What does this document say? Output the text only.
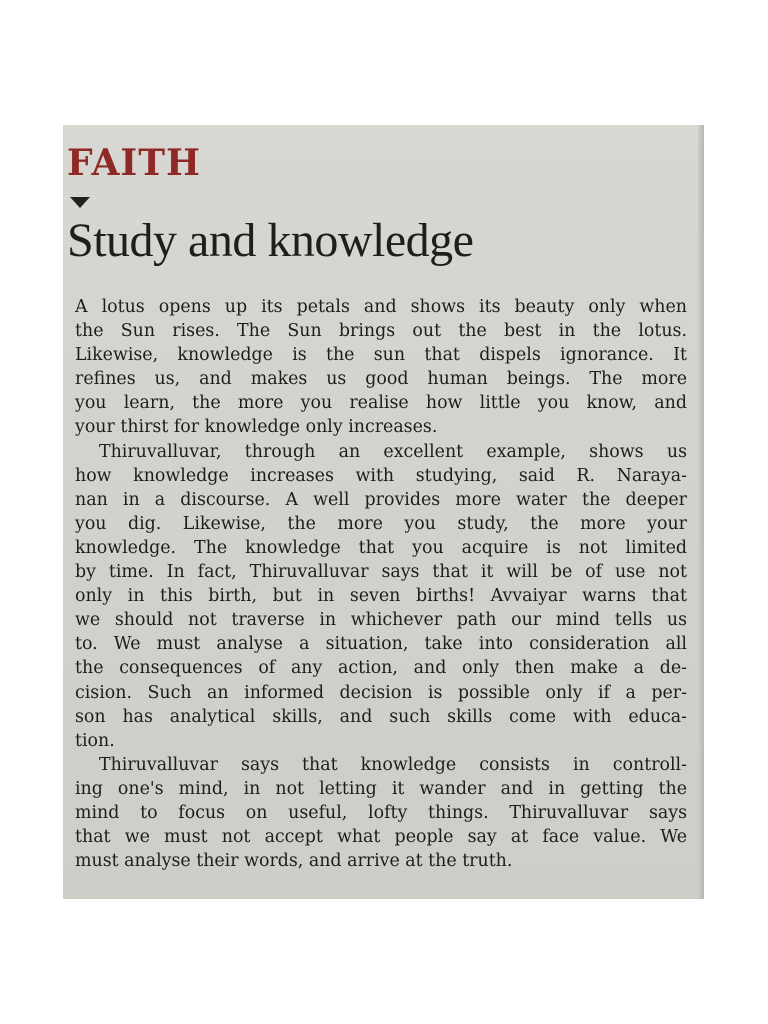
FAITH
Study and knowledge
A lotus opens up its petals and shows its beauty only when
the Sun rises. The Sun brings out the best in the lotus.
Likewise, knowledge is the sun that dispels ignorance. It
refines us, and makes us good human beings. The more
you learn, the more you realise how little you know, and
your thirst for knowledge only increases.
Thiruvalluvar, through an excellent example, shows us
how knowledge increases with studying, said R. Naraya-
nan in a discourse. A well provides more water the deeper
you dig. Likewise, the more you study, the more your
knowledge. The knowledge that you acquire is not limited
by time. In fact, Thiruvalluvar says that it will be of use not
only in this birth, but in seven births! Avvaiyar warns that
we should not traverse in whichever path our mind tells us
to. We must analyse a situation, take into consideration all
the consequences of any action, and only then make a de-
cision. Such an informed decision is possible only if a per-
son has analytical skills, and such skills come with educa-
tion.
Thiruvalluvar says that knowledge consists in controll-
ing one's mind, in not letting it wander and in getting the
mind to focus on useful, lofty things. Thiruvalluvar says
that we must not accept what people say at face value. We
must analyse their words, and arrive at the truth.
